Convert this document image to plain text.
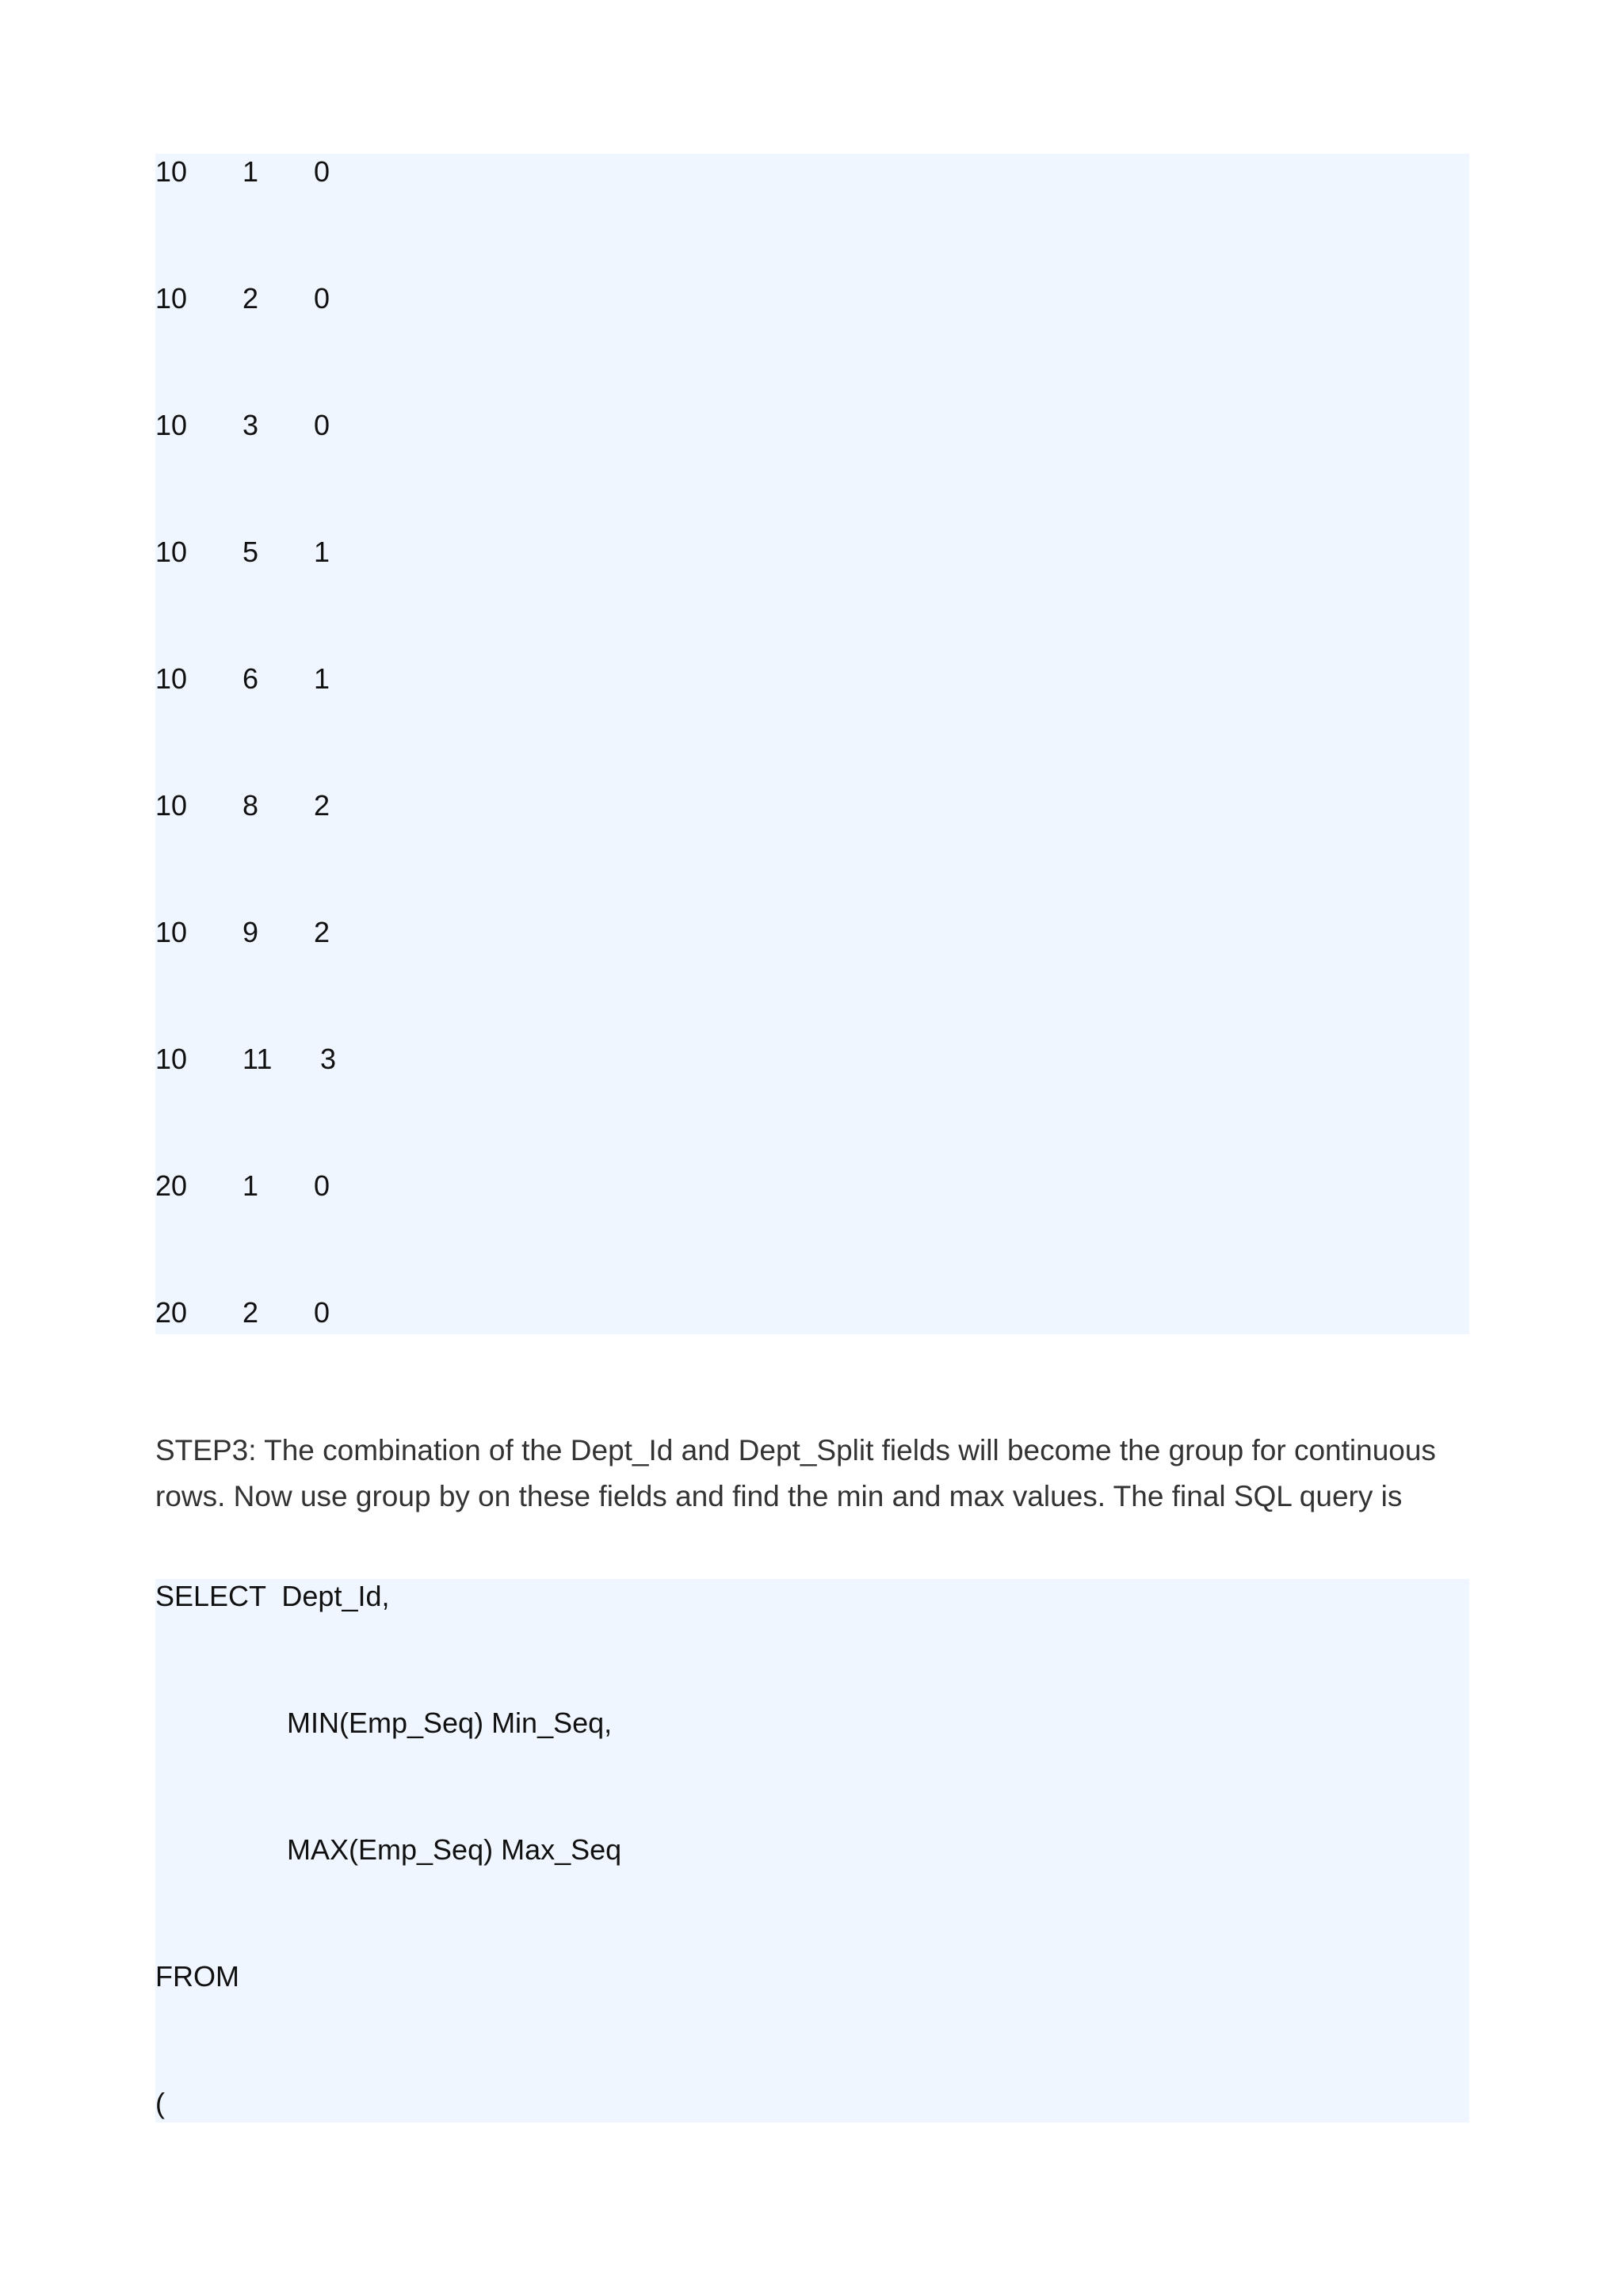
10

1

0

10

2

0

10

3

0

10

5

1

10

6

1

10

8

2

10

9

2

10

11

3

20

1

0

20

2

0

STEP3: The combination of the Dept_Id and Dept_Split fields will become the group for continuous rows. Now use group by on these fields and find the min and max values. The final SQL query is

SELECT  Dept_Id,
MIN(Emp_Seq) Min_Seq,
MAX(Emp_Seq) Max_Seq
FROM
(
